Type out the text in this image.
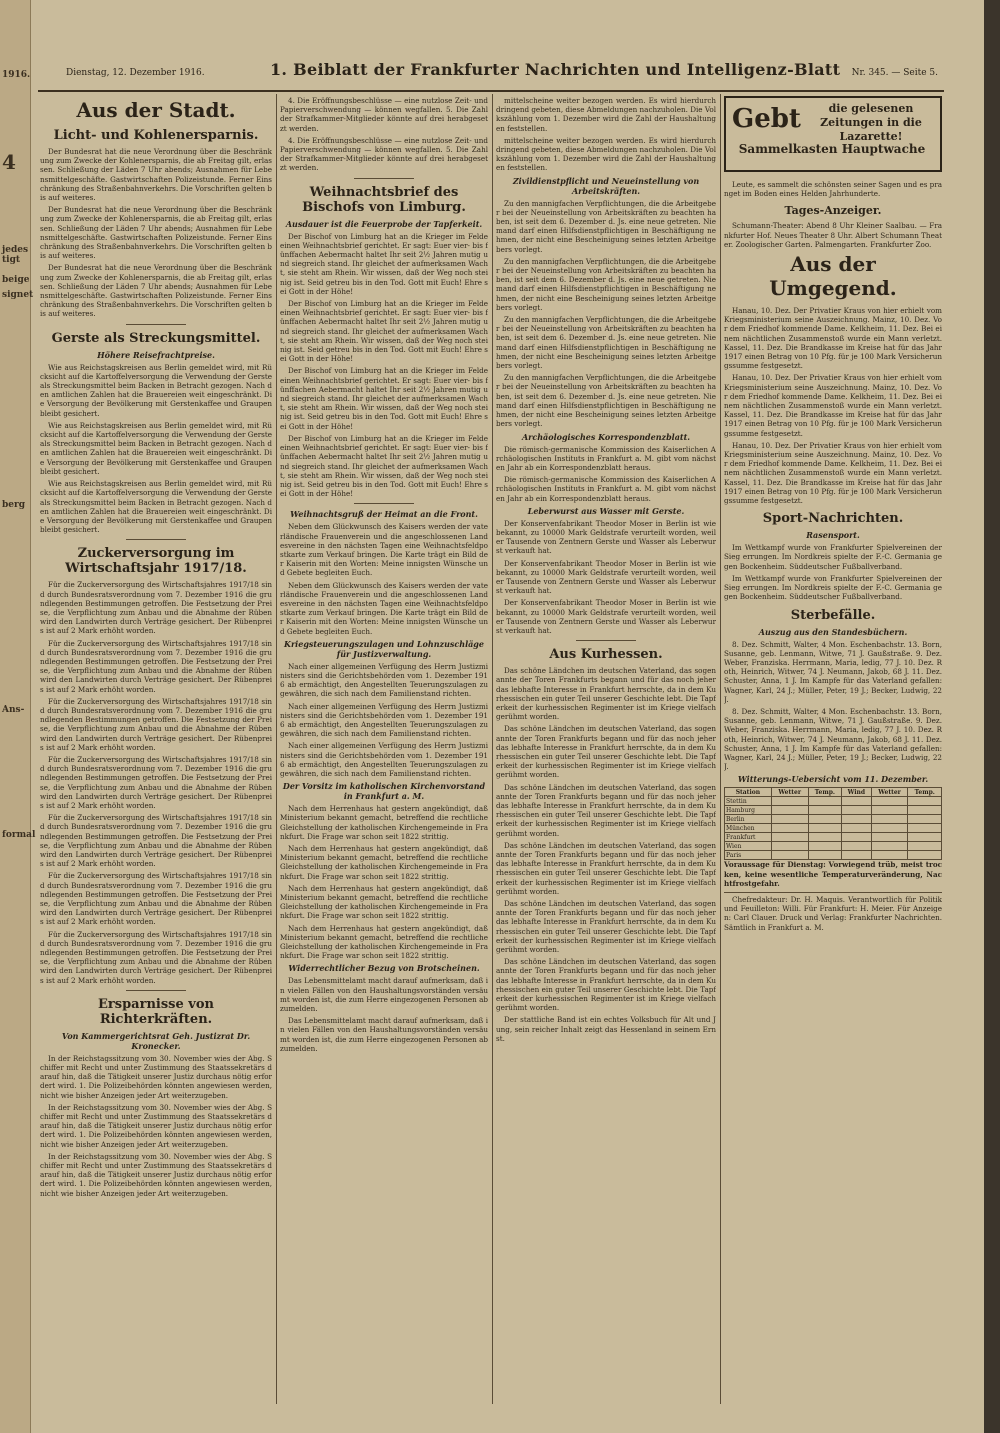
1916.
4
jedes
tigt
beige
signet
berg
Ans-
formal
Dienstag, 12. Dezember 1916.	1. Beiblatt der Frankfurter Nachrichten und Intelligenz-Blatt Nr. 345. — Seite 5.
Aus der Stadt.
Licht- und Kohlenersparnis.

Der Bundesrat hat die neue Verordnung über die Beschränkung zum Zwecke der Kohlenersparnis, die ab Freitag gilt, erlassen. Schließung der Läden 7 Uhr abends; Ausnahmen für Lebensmittelgeschäfte. Gastwirtschaften Polizeistunde. Ferner Einschränkung des Straßenbahnverkehrs. Die Vorschriften gelten bis auf weiteres.

Der Bundesrat hat die neue Verordnung über die Beschränkung zum Zwecke der Kohlenersparnis, die ab Freitag gilt, erlassen. Schließung der Läden 7 Uhr abends; Ausnahmen für Lebensmittelgeschäfte. Gastwirtschaften Polizeistunde. Ferner Einschränkung des Straßenbahnverkehrs. Die Vorschriften gelten bis auf weiteres.

Der Bundesrat hat die neue Verordnung über die Beschränkung zum Zwecke der Kohlenersparnis, die ab Freitag gilt, erlassen. Schließung der Läden 7 Uhr abends; Ausnahmen für Lebensmittelgeschäfte. Gastwirtschaften Polizeistunde. Ferner Einschränkung des Straßenbahnverkehrs. Die Vorschriften gelten bis auf weiteres.

Gerste als Streckungsmittel.
Höhere Reisefrachtpreise.

Wie aus Reichstagskreisen aus Berlin gemeldet wird, mit Rücksicht auf die Kartoffelversorgung die Verwendung der Gerste als Streckungsmittel beim Backen in Betracht gezogen. Nach den amtlichen Zahlen hat die Brauereien weit eingeschränkt. Die Versorgung der Bevölkerung mit Gerstenkaffee und Graupen bleibt gesichert.

Wie aus Reichstagskreisen aus Berlin gemeldet wird, mit Rücksicht auf die Kartoffelversorgung die Verwendung der Gerste als Streckungsmittel beim Backen in Betracht gezogen. Nach den amtlichen Zahlen hat die Brauereien weit eingeschränkt. Die Versorgung der Bevölkerung mit Gerstenkaffee und Graupen bleibt gesichert.

Wie aus Reichstagskreisen aus Berlin gemeldet wird, mit Rücksicht auf die Kartoffelversorgung die Verwendung der Gerste als Streckungsmittel beim Backen in Betracht gezogen. Nach den amtlichen Zahlen hat die Brauereien weit eingeschränkt. Die Versorgung der Bevölkerung mit Gerstenkaffee und Graupen bleibt gesichert.

Zuckerversorgung im Wirtschaftsjahr 1917/18.

Für die Zuckerversorgung des Wirtschaftsjahres 1917/18 sind durch Bundesratsverordnung vom 7. Dezember 1916 die grundlegenden Bestimmungen getroffen. Die Festsetzung der Preise, die Verpflichtung zum Anbau und die Abnahme der Rüben wird den Landwirten durch Verträge gesichert. Der Rübenpreis ist auf 2 Mark erhöht worden.

Für die Zuckerversorgung des Wirtschaftsjahres 1917/18 sind durch Bundesratsverordnung vom 7. Dezember 1916 die grundlegenden Bestimmungen getroffen. Die Festsetzung der Preise, die Verpflichtung zum Anbau und die Abnahme der Rüben wird den Landwirten durch Verträge gesichert. Der Rübenpreis ist auf 2 Mark erhöht worden.

Für die Zuckerversorgung des Wirtschaftsjahres 1917/18 sind durch Bundesratsverordnung vom 7. Dezember 1916 die grundlegenden Bestimmungen getroffen. Die Festsetzung der Preise, die Verpflichtung zum Anbau und die Abnahme der Rüben wird den Landwirten durch Verträge gesichert. Der Rübenpreis ist auf 2 Mark erhöht worden.

Für die Zuckerversorgung des Wirtschaftsjahres 1917/18 sind durch Bundesratsverordnung vom 7. Dezember 1916 die grundlegenden Bestimmungen getroffen. Die Festsetzung der Preise, die Verpflichtung zum Anbau und die Abnahme der Rüben wird den Landwirten durch Verträge gesichert. Der Rübenpreis ist auf 2 Mark erhöht worden.

Für die Zuckerversorgung des Wirtschaftsjahres 1917/18 sind durch Bundesratsverordnung vom 7. Dezember 1916 die grundlegenden Bestimmungen getroffen. Die Festsetzung der Preise, die Verpflichtung zum Anbau und die Abnahme der Rüben wird den Landwirten durch Verträge gesichert. Der Rübenpreis ist auf 2 Mark erhöht worden.

Für die Zuckerversorgung des Wirtschaftsjahres 1917/18 sind durch Bundesratsverordnung vom 7. Dezember 1916 die grundlegenden Bestimmungen getroffen. Die Festsetzung der Preise, die Verpflichtung zum Anbau und die Abnahme der Rüben wird den Landwirten durch Verträge gesichert. Der Rübenpreis ist auf 2 Mark erhöht worden.

Für die Zuckerversorgung des Wirtschaftsjahres 1917/18 sind durch Bundesratsverordnung vom 7. Dezember 1916 die grundlegenden Bestimmungen getroffen. Die Festsetzung der Preise, die Verpflichtung zum Anbau und die Abnahme der Rüben wird den Landwirten durch Verträge gesichert. Der Rübenpreis ist auf 2 Mark erhöht worden.

Ersparnisse von Richterkräften.
Von Kammergerichtsrat Geh. Justizrat Dr. Kronecker.

In der Reichstagssitzung vom 30. November wies der Abg. Schiffer mit Recht und unter Zustimmung des Staatssekretärs darauf hin, daß die Tätigkeit unserer Justiz durchaus nötig erfordert wird. 1. Die Polizeibehörden könnten angewiesen werden, nicht wie bisher Anzeigen jeder Art weiterzugeben.

In der Reichstagssitzung vom 30. November wies der Abg. Schiffer mit Recht und unter Zustimmung des Staatssekretärs darauf hin, daß die Tätigkeit unserer Justiz durchaus nötig erfordert wird. 1. Die Polizeibehörden könnten angewiesen werden, nicht wie bisher Anzeigen jeder Art weiterzugeben.

In der Reichstagssitzung vom 30. November wies der Abg. Schiffer mit Recht und unter Zustimmung des Staatssekretärs darauf hin, daß die Tätigkeit unserer Justiz durchaus nötig erfordert wird. 1. Die Polizeibehörden könnten angewiesen werden, nicht wie bisher Anzeigen jeder Art weiterzugeben.

4. Die Eröffnungsbeschlüsse — eine nutzlose Zeit- und Papierverschwendung — können wegfallen. 5. Die Zahl der Strafkammer-Mitglieder könnte auf drei herabgesetzt werden.

4. Die Eröffnungsbeschlüsse — eine nutzlose Zeit- und Papierverschwendung — können wegfallen. 5. Die Zahl der Strafkammer-Mitglieder könnte auf drei herabgesetzt werden.

Weihnachtsbrief des Bischofs von Limburg.
Ausdauer ist die Feuerprobe der Tapferkeit.

Der Bischof von Limburg hat an die Krieger im Felde einen Weihnachtsbrief gerichtet. Er sagt: Euer vier- bis fünffachen Aebermacht haltet Ihr seit 2½ Jahren mutig und siegreich stand. Ihr gleichet der aufmerksamen Wacht, sie steht am Rhein. Wir wissen, daß der Weg noch steinig ist. Seid getreu bis in den Tod. Gott mit Euch! Ehre sei Gott in der Höhe!

Der Bischof von Limburg hat an die Krieger im Felde einen Weihnachtsbrief gerichtet. Er sagt: Euer vier- bis fünffachen Aebermacht haltet Ihr seit 2½ Jahren mutig und siegreich stand. Ihr gleichet der aufmerksamen Wacht, sie steht am Rhein. Wir wissen, daß der Weg noch steinig ist. Seid getreu bis in den Tod. Gott mit Euch! Ehre sei Gott in der Höhe!

Der Bischof von Limburg hat an die Krieger im Felde einen Weihnachtsbrief gerichtet. Er sagt: Euer vier- bis fünffachen Aebermacht haltet Ihr seit 2½ Jahren mutig und siegreich stand. Ihr gleichet der aufmerksamen Wacht, sie steht am Rhein. Wir wissen, daß der Weg noch steinig ist. Seid getreu bis in den Tod. Gott mit Euch! Ehre sei Gott in der Höhe!

Der Bischof von Limburg hat an die Krieger im Felde einen Weihnachtsbrief gerichtet. Er sagt: Euer vier- bis fünffachen Aebermacht haltet Ihr seit 2½ Jahren mutig und siegreich stand. Ihr gleichet der aufmerksamen Wacht, sie steht am Rhein. Wir wissen, daß der Weg noch steinig ist. Seid getreu bis in den Tod. Gott mit Euch! Ehre sei Gott in der Höhe!

Weihnachtsgruß der Heimat an die Front.

Neben dem Glückwunsch des Kaisers werden der vaterländische Frauenverein und die angeschlossenen Landesvereine in den nächsten Tagen eine Weihnachtsfeldpostkarte zum Verkauf bringen. Die Karte trägt ein Bild der Kaiserin mit den Worten: Meine innigsten Wünsche und Gebete begleiten Euch.

Neben dem Glückwunsch des Kaisers werden der vaterländische Frauenverein und die angeschlossenen Landesvereine in den nächsten Tagen eine Weihnachtsfeldpostkarte zum Verkauf bringen. Die Karte trägt ein Bild der Kaiserin mit den Worten: Meine innigsten Wünsche und Gebete begleiten Euch.

Kriegsteuerungszulagen und Lohnzuschläge für Justizverwaltung.

Nach einer allgemeinen Verfügung des Herrn Justizministers sind die Gerichtsbehörden vom 1. Dezember 1916 ab ermächtigt, den Angestellten Teuerungszulagen zu gewähren, die sich nach dem Familienstand richten.

Nach einer allgemeinen Verfügung des Herrn Justizministers sind die Gerichtsbehörden vom 1. Dezember 1916 ab ermächtigt, den Angestellten Teuerungszulagen zu gewähren, die sich nach dem Familienstand richten.

Nach einer allgemeinen Verfügung des Herrn Justizministers sind die Gerichtsbehörden vom 1. Dezember 1916 ab ermächtigt, den Angestellten Teuerungszulagen zu gewähren, die sich nach dem Familienstand richten.

Der Vorsitz im katholischen Kirchenvorstand in Frankfurt a. M.

Nach dem Herrenhaus hat gestern angekündigt, daß Ministerium bekannt gemacht, betreffend die rechtliche Gleichstellung der katholischen Kirchengemeinde in Frankfurt. Die Frage war schon seit 1822 strittig.

Nach dem Herrenhaus hat gestern angekündigt, daß Ministerium bekannt gemacht, betreffend die rechtliche Gleichstellung der katholischen Kirchengemeinde in Frankfurt. Die Frage war schon seit 1822 strittig.

Nach dem Herrenhaus hat gestern angekündigt, daß Ministerium bekannt gemacht, betreffend die rechtliche Gleichstellung der katholischen Kirchengemeinde in Frankfurt. Die Frage war schon seit 1822 strittig.

Nach dem Herrenhaus hat gestern angekündigt, daß Ministerium bekannt gemacht, betreffend die rechtliche Gleichstellung der katholischen Kirchengemeinde in Frankfurt. Die Frage war schon seit 1822 strittig.

Widerrechtlicher Bezug von Brotscheinen.

Das Lebensmittelamt macht darauf aufmerksam, daß in vielen Fällen von den Haushaltungsvorständen versäumt worden ist, die zum Herre eingezogenen Personen abzumelden.

Das Lebensmittelamt macht darauf aufmerksam, daß in vielen Fällen von den Haushaltungsvorständen versäumt worden ist, die zum Herre eingezogenen Personen abzumelden.

mittelscheine weiter bezogen werden. Es wird hierdurch dringend gebeten, diese Abmeldungen nachzuholen. Die Volkszählung vom 1. Dezember wird die Zahl der Haushaltungen feststellen.

mittelscheine weiter bezogen werden. Es wird hierdurch dringend gebeten, diese Abmeldungen nachzuholen. Die Volkszählung vom 1. Dezember wird die Zahl der Haushaltungen feststellen.

Zivildienstpflicht und Neueinstellung von Arbeitskräften.

Zu den mannigfachen Verpflichtungen, die die Arbeitgeber bei der Neueinstellung von Arbeitskräften zu beachten haben, ist seit dem 6. Dezember d. Js. eine neue getreten. Niemand darf einen Hilfsdienstpflichtigen in Beschäftigung nehmen, der nicht eine Bescheinigung seines letzten Arbeitgebers vorlegt.

Zu den mannigfachen Verpflichtungen, die die Arbeitgeber bei der Neueinstellung von Arbeitskräften zu beachten haben, ist seit dem 6. Dezember d. Js. eine neue getreten. Niemand darf einen Hilfsdienstpflichtigen in Beschäftigung nehmen, der nicht eine Bescheinigung seines letzten Arbeitgebers vorlegt.

Zu den mannigfachen Verpflichtungen, die die Arbeitgeber bei der Neueinstellung von Arbeitskräften zu beachten haben, ist seit dem 6. Dezember d. Js. eine neue getreten. Niemand darf einen Hilfsdienstpflichtigen in Beschäftigung nehmen, der nicht eine Bescheinigung seines letzten Arbeitgebers vorlegt.

Zu den mannigfachen Verpflichtungen, die die Arbeitgeber bei der Neueinstellung von Arbeitskräften zu beachten haben, ist seit dem 6. Dezember d. Js. eine neue getreten. Niemand darf einen Hilfsdienstpflichtigen in Beschäftigung nehmen, der nicht eine Bescheinigung seines letzten Arbeitgebers vorlegt.

Archäologisches Korrespondenzblatt.

Die römisch-germanische Kommission des Kaiserlichen Archäologischen Instituts in Frankfurt a. M. gibt vom nächsten Jahr ab ein Korrespondenzblatt heraus.

Die römisch-germanische Kommission des Kaiserlichen Archäologischen Instituts in Frankfurt a. M. gibt vom nächsten Jahr ab ein Korrespondenzblatt heraus.

Leberwurst aus Wasser mit Gerste.

Der Konservenfabrikant Theodor Moser in Berlin ist wie bekannt, zu 10000 Mark Geldstrafe verurteilt worden, weil er Tausende von Zentnern Gerste und Wasser als Leberwurst verkauft hat.

Der Konservenfabrikant Theodor Moser in Berlin ist wie bekannt, zu 10000 Mark Geldstrafe verurteilt worden, weil er Tausende von Zentnern Gerste und Wasser als Leberwurst verkauft hat.

Der Konservenfabrikant Theodor Moser in Berlin ist wie bekannt, zu 10000 Mark Geldstrafe verurteilt worden, weil er Tausende von Zentnern Gerste und Wasser als Leberwurst verkauft hat.

Aus Kurhessen.

Das schöne Ländchen im deutschen Vaterland, das sogenannte der Toren Frankfurts begann und für das noch jeher das lebhafte Interesse in Frankfurt herrschte, da in dem Kurhessischen ein guter Teil unserer Geschichte lebt. Die Tapferkeit der kurhessischen Regimenter ist im Kriege vielfach gerühmt worden.

Das schöne Ländchen im deutschen Vaterland, das sogenannte der Toren Frankfurts begann und für das noch jeher das lebhafte Interesse in Frankfurt herrschte, da in dem Kurhessischen ein guter Teil unserer Geschichte lebt. Die Tapferkeit der kurhessischen Regimenter ist im Kriege vielfach gerühmt worden.

Das schöne Ländchen im deutschen Vaterland, das sogenannte der Toren Frankfurts begann und für das noch jeher das lebhafte Interesse in Frankfurt herrschte, da in dem Kurhessischen ein guter Teil unserer Geschichte lebt. Die Tapferkeit der kurhessischen Regimenter ist im Kriege vielfach gerühmt worden.

Das schöne Ländchen im deutschen Vaterland, das sogenannte der Toren Frankfurts begann und für das noch jeher das lebhafte Interesse in Frankfurt herrschte, da in dem Kurhessischen ein guter Teil unserer Geschichte lebt. Die Tapferkeit der kurhessischen Regimenter ist im Kriege vielfach gerühmt worden.

Das schöne Ländchen im deutschen Vaterland, das sogenannte der Toren Frankfurts begann und für das noch jeher das lebhafte Interesse in Frankfurt herrschte, da in dem Kurhessischen ein guter Teil unserer Geschichte lebt. Die Tapferkeit der kurhessischen Regimenter ist im Kriege vielfach gerühmt worden.

Das schöne Ländchen im deutschen Vaterland, das sogenannte der Toren Frankfurts begann und für das noch jeher das lebhafte Interesse in Frankfurt herrschte, da in dem Kurhessischen ein guter Teil unserer Geschichte lebt. Die Tapferkeit der kurhessischen Regimenter ist im Kriege vielfach gerühmt worden.

Der stattliche Band ist ein echtes Volksbuch für Alt und Jung, sein reicher Inhalt zeigt das Hessenland in seinem Ernst.

Gebt	die gelesenen Zeitungen in die Lazarette!
Sammelkasten Hauptwache

Leute, es sammelt die schönsten seiner Sagen und es pranget im Boden eines Helden Jahrhunderte.

Tages-Anzeiger.

Schumann-Theater: Abend 8 Uhr Kleiner Saalbau. — Frankfurter Hof. Neues Theater 8 Uhr. Albert Schumann Theater. Zoologischer Garten. Palmengarten. Frankfurter Zoo.

Aus der Umgegend.

Hanau, 10. Dez. Der Privatier Kraus von hier erhielt vom Kriegsministerium seine Auszeichnung. Mainz, 10. Dez. Vor dem Friedhof kommende Dame. Kelkheim, 11. Dez. Bei einem nächtlichen Zusammenstoß wurde ein Mann verletzt. Kassel, 11. Dez. Die Brandkasse im Kreise hat für das Jahr 1917 einen Betrag von 10 Pfg. für je 100 Mark Versicherungssumme festgesetzt.

Hanau, 10. Dez. Der Privatier Kraus von hier erhielt vom Kriegsministerium seine Auszeichnung. Mainz, 10. Dez. Vor dem Friedhof kommende Dame. Kelkheim, 11. Dez. Bei einem nächtlichen Zusammenstoß wurde ein Mann verletzt. Kassel, 11. Dez. Die Brandkasse im Kreise hat für das Jahr 1917 einen Betrag von 10 Pfg. für je 100 Mark Versicherungssumme festgesetzt.

Hanau, 10. Dez. Der Privatier Kraus von hier erhielt vom Kriegsministerium seine Auszeichnung. Mainz, 10. Dez. Vor dem Friedhof kommende Dame. Kelkheim, 11. Dez. Bei einem nächtlichen Zusammenstoß wurde ein Mann verletzt. Kassel, 11. Dez. Die Brandkasse im Kreise hat für das Jahr 1917 einen Betrag von 10 Pfg. für je 100 Mark Versicherungssumme festgesetzt.

Sport-Nachrichten.
Rasensport.

Im Wettkampf wurde von Frankfurter Spielvereinen der Sieg errungen. Im Nordkreis spielte der F.-C. Germania gegen Bockenheim. Süddeutscher Fußballverband.

Im Wettkampf wurde von Frankfurter Spielvereinen der Sieg errungen. Im Nordkreis spielte der F.-C. Germania gegen Bockenheim. Süddeutscher Fußballverband.

Sterbefälle.
Auszug aus den Standesbüchern.

8. Dez. Schmitt, Walter, 4 Mon. Eschenbachstr. 13. Born, Susanne, geb. Lenmann, Witwe, 71 J. Gaußstraße. 9. Dez. Weber, Franziska. Herrmann, Maria, ledig, 77 J. 10. Dez. Roth, Heinrich, Witwer, 74 J. Neumann, Jakob, 68 J. 11. Dez. Schuster, Anna, 1 J. Im Kampfe für das Vaterland gefallen: Wagner, Karl, 24 J.; Müller, Peter, 19 J.; Becker, Ludwig, 22 J.

8. Dez. Schmitt, Walter, 4 Mon. Eschenbachstr. 13. Born, Susanne, geb. Lenmann, Witwe, 71 J. Gaußstraße. 9. Dez. Weber, Franziska. Herrmann, Maria, ledig, 77 J. 10. Dez. Roth, Heinrich, Witwer, 74 J. Neumann, Jakob, 68 J. 11. Dez. Schuster, Anna, 1 J. Im Kampfe für das Vaterland gefallen: Wagner, Karl, 24 J.; Müller, Peter, 19 J.; Becker, Ludwig, 22 J.

Witterungs-Uebersicht vom 11. Dezember.
Station	Wetter	Temp.	Wind	Wetter	Temp.
Stettin					
Hamburg					
Berlin					
München					
Frankfurt					
Wien					
Paris					

Voraussage für Dienstag: Vorwiegend trüb, meist trocken, keine wesentliche Temperaturveränderung, Nachtfrostgefahr.

Chefredakteur: Dr. H. Maquis. Verantwortlich für Politik und Feuilleton: Willi. Für Frankfurt: H. Meier. Für Anzeigen: Carl Clauer. Druck und Verlag: Frankfurter Nachrichten. Sämtlich in Frankfurt a. M.
